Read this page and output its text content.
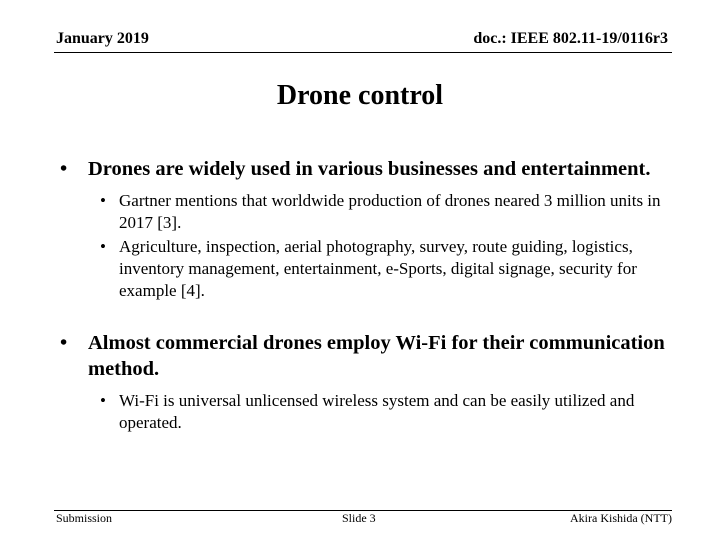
January 2019	doc.: IEEE 802.11-19/0116r3
Drone control
• Drones are widely used in various businesses and entertainment.
• Gartner mentions that worldwide production of drones neared 3 million units in 2017 [3].
• Agriculture, inspection, aerial photography, survey, route guiding, logistics, inventory management, entertainment, e-Sports, digital signage, security for example [4].
• Almost commercial drones employ Wi-Fi for their communication method.
• Wi-Fi is universal unlicensed wireless system and can be easily utilized and operated.
Submission	Slide 3	Akira Kishida (NTT)
